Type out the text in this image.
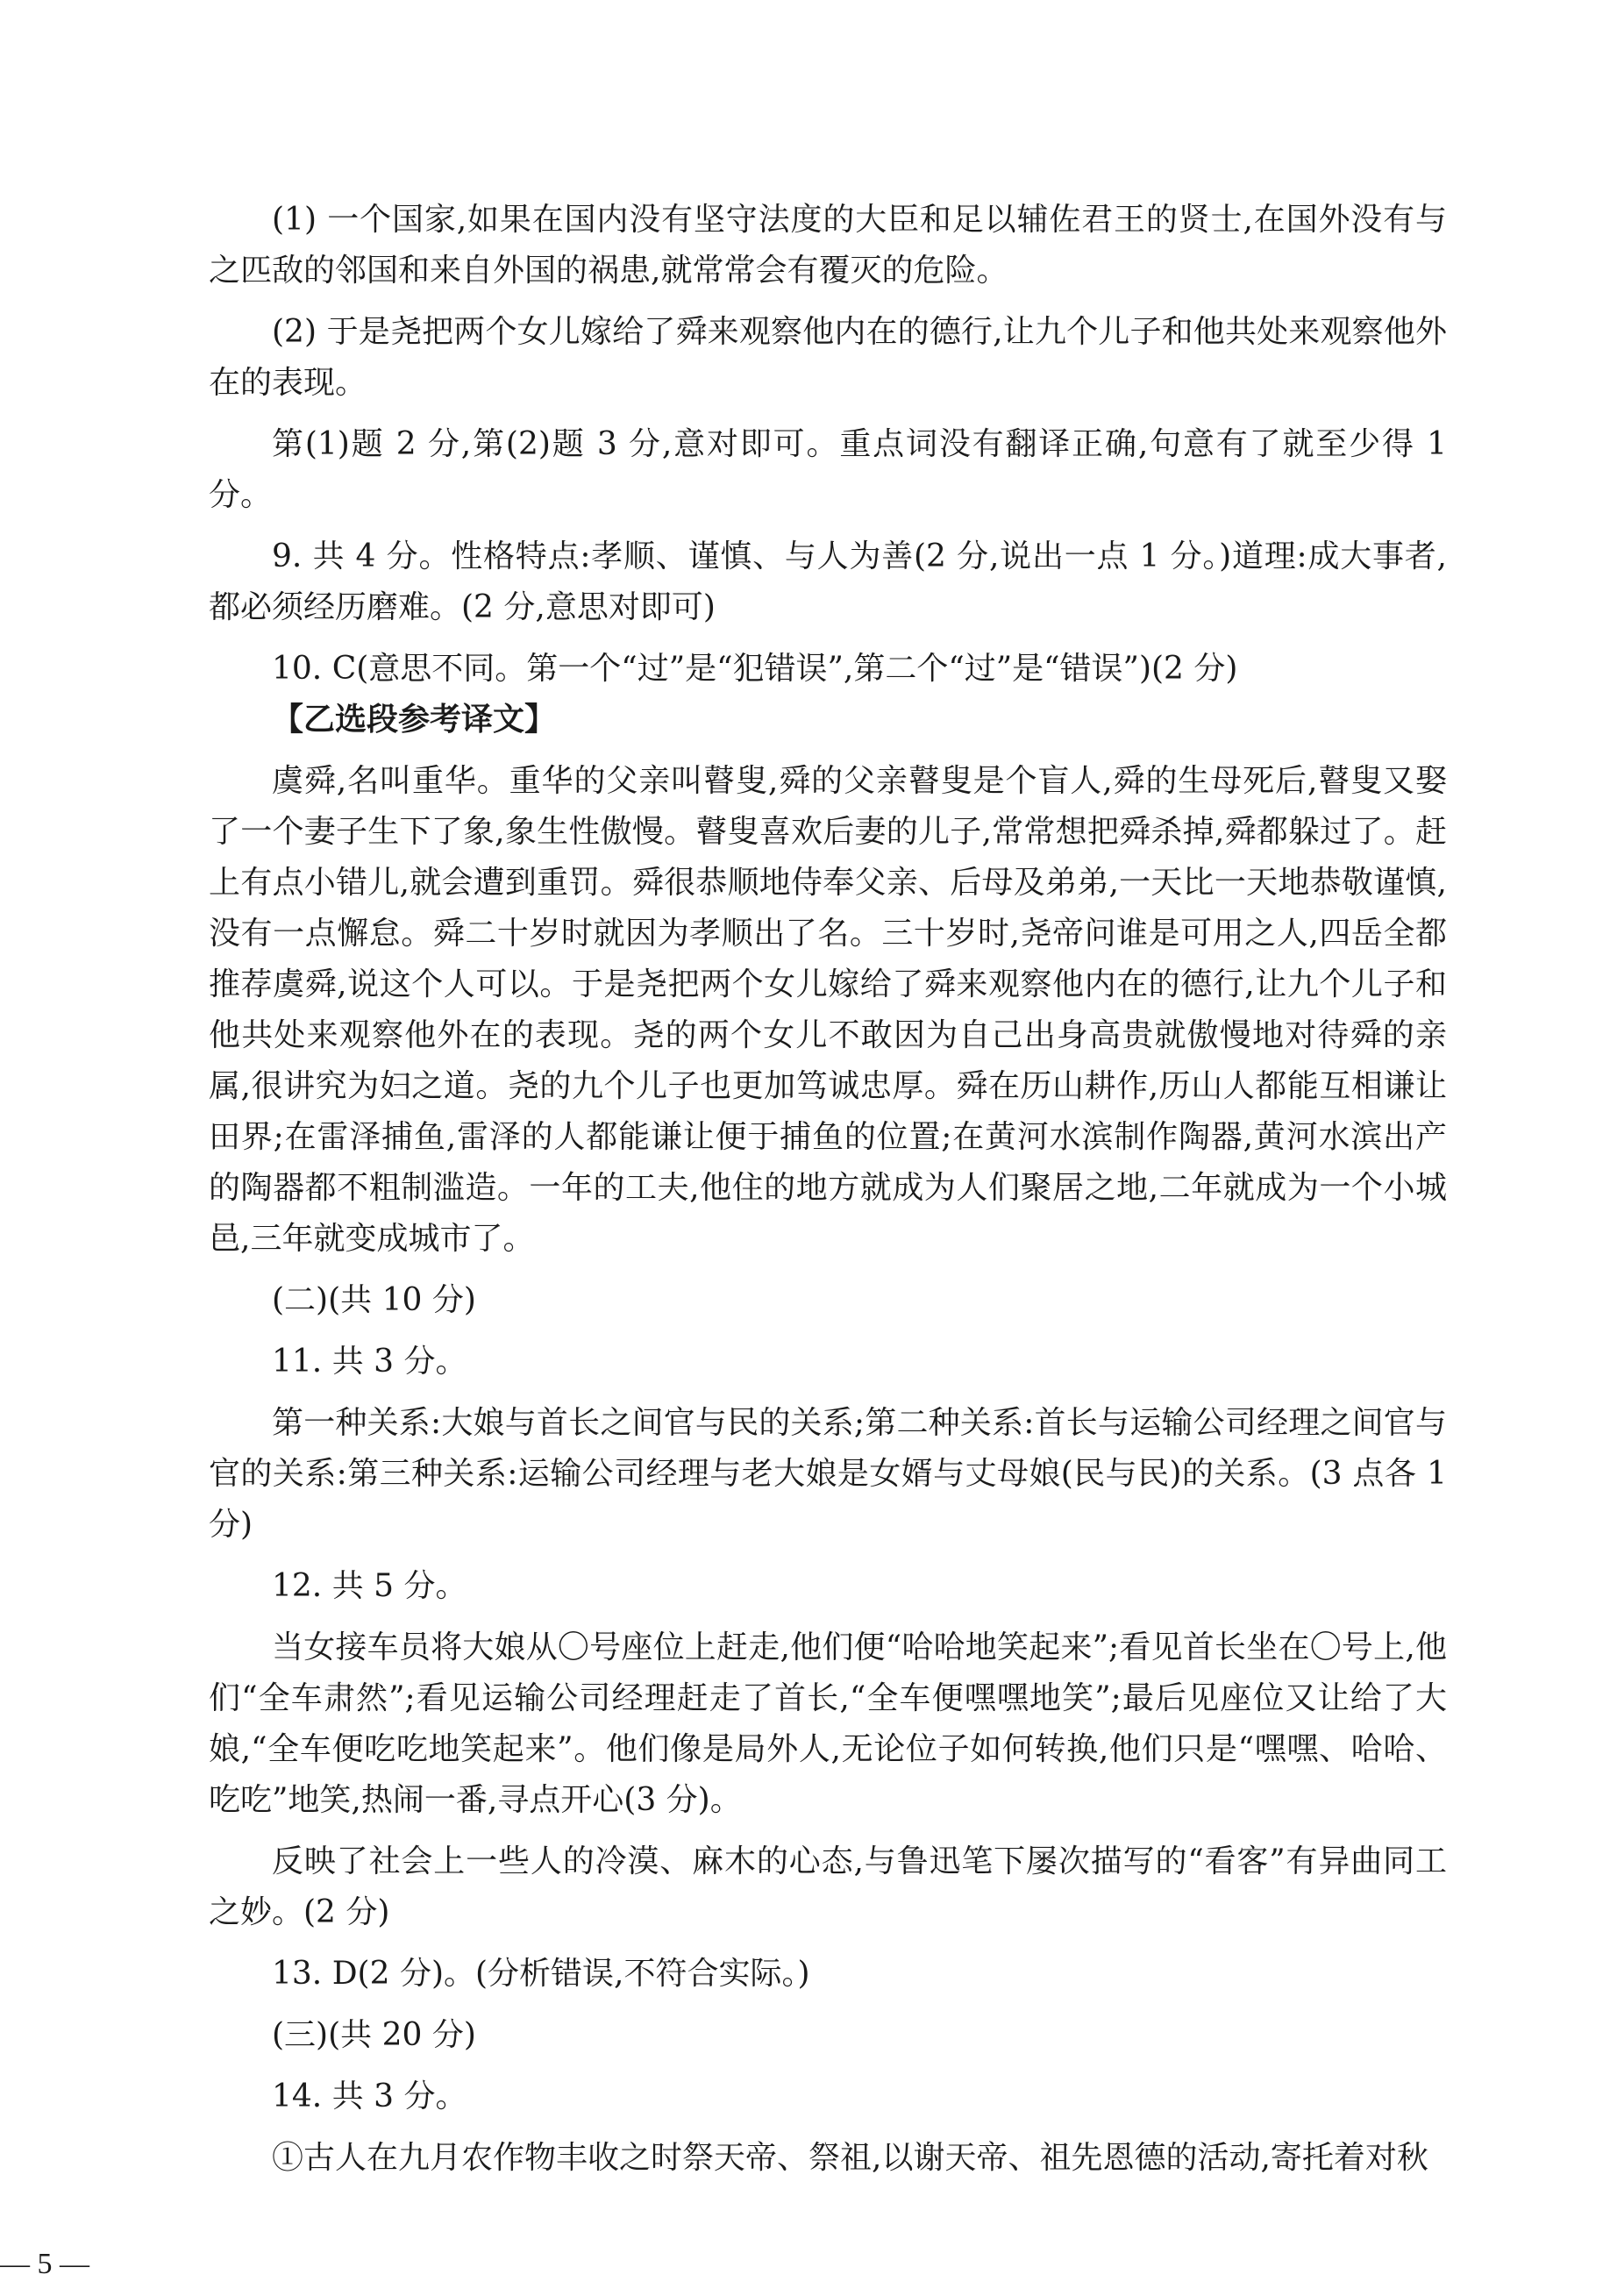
(1) 一个国家,如果在国内没有坚守法度的大臣和足以辅佐君王的贤士,在国外没有与之匹敌的邻国和来自外国的祸患,就常常会有覆灭的危险。

(2) 于是尧把两个女儿嫁给了舜来观察他内在的德行,让九个儿子和他共处来观察他外在的表现。

第(1)题 2 分,第(2)题 3 分,意对即可。重点词没有翻译正确,句意有了就至少得 1 分。

9. 共 4 分。性格特点:孝顺、谨慎、与人为善(2 分,说出一点 1 分。)道理:成大事者,都必须经历磨难。(2 分,意思对即可)

10. C(意思不同。第一个“过”是“犯错误”,第二个“过”是“错误”)(2 分)

【乙选段参考译文】

虞舜,名叫重华。重华的父亲叫瞽叟,舜的父亲瞽叟是个盲人,舜的生母死后,瞽叟又娶了一个妻子生下了象,象生性傲慢。瞽叟喜欢后妻的儿子,常常想把舜杀掉,舜都躲过了。赶上有点小错儿,就会遭到重罚。舜很恭顺地侍奉父亲、后母及弟弟,一天比一天地恭敬谨慎,没有一点懈怠。舜二十岁时就因为孝顺出了名。三十岁时,尧帝问谁是可用之人,四岳全都推荐虞舜,说这个人可以。于是尧把两个女儿嫁给了舜来观察他内在的德行,让九个儿子和他共处来观察他外在的表现。尧的两个女儿不敢因为自己出身高贵就傲慢地对待舜的亲属,很讲究为妇之道。尧的九个儿子也更加笃诚忠厚。舜在历山耕作,历山人都能互相谦让田界;在雷泽捕鱼,雷泽的人都能谦让便于捕鱼的位置;在黄河水滨制作陶器,黄河水滨出产的陶器都不粗制滥造。一年的工夫,他住的地方就成为人们聚居之地,二年就成为一个小城邑,三年就变成城市了。

(二)(共 10 分)

11. 共 3 分。

第一种关系:大娘与首长之间官与民的关系;第二种关系:首长与运输公司经理之间官与官的关系:第三种关系:运输公司经理与老大娘是女婿与丈母娘(民与民)的关系。(3 点各 1 分)

12. 共 5 分。

当女接车员将大娘从〇号座位上赶走,他们便“哈哈地笑起来”;看见首长坐在〇号上,他们“全车肃然”;看见运输公司经理赶走了首长,“全车便嘿嘿地笑”;最后见座位又让给了大娘,“全车便吃吃地笑起来”。他们像是局外人,无论位子如何转换,他们只是“嘿嘿、哈哈、吃吃”地笑,热闹一番,寻点开心(3 分)。

反映了社会上一些人的冷漠、麻木的心态,与鲁迅笔下屡次描写的“看客”有异曲同工之妙。(2 分)

13. D(2 分)。(分析错误,不符合实际。)

(三)(共 20 分)

14. 共 3 分。

①古人在九月农作物丰收之时祭天帝、祭祖,以谢天帝、祖先恩德的活动,寄托着对秋

— 5 —
